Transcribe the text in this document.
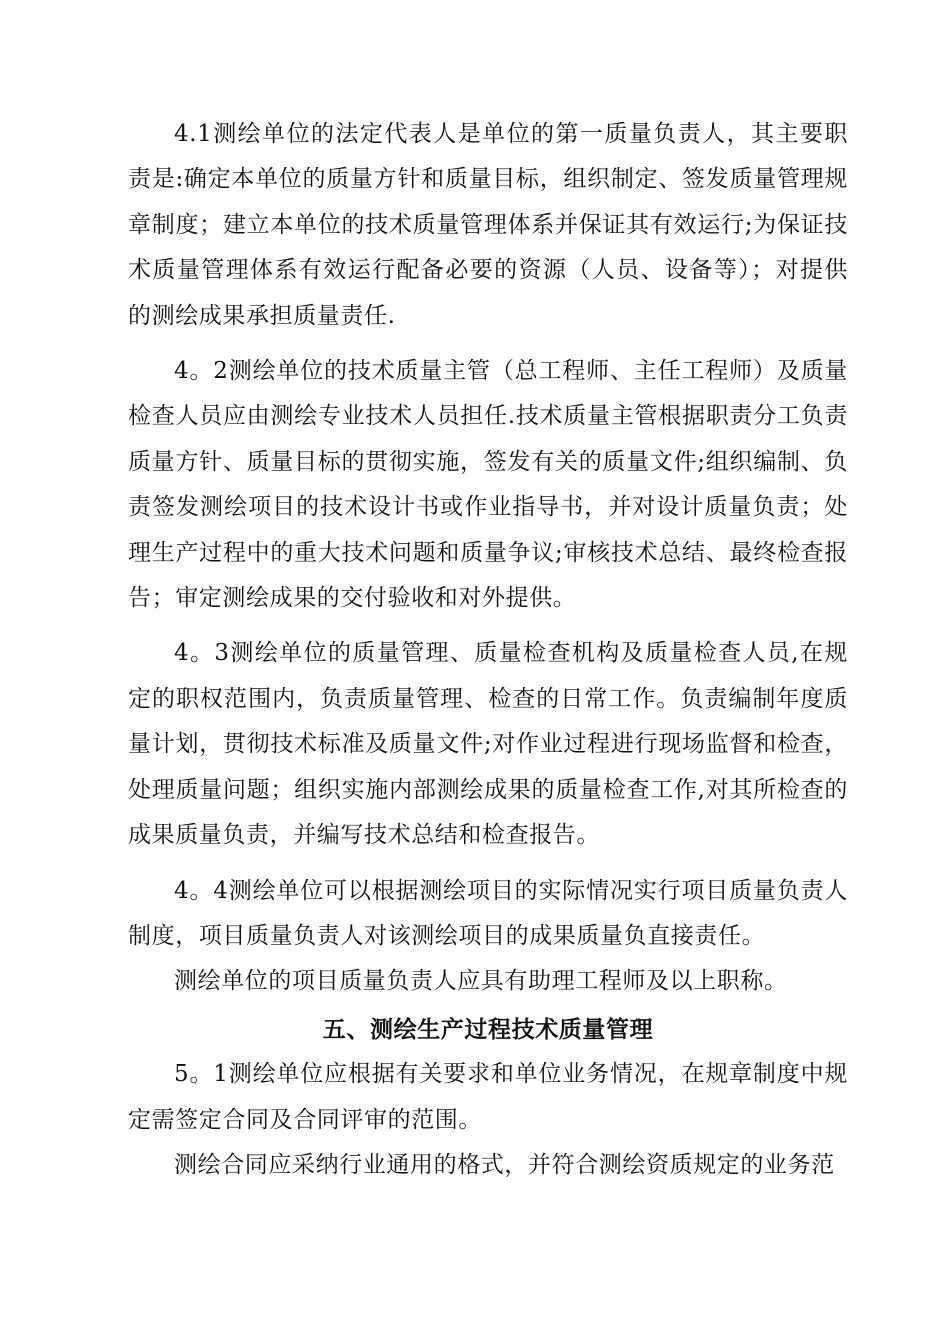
4.1测绘单位的法定代表人是单位的第一质量负责人，其主要职责是:确定本单位的质量方针和质量目标，组织制定、签发质量管理规章制度；建立本单位的技术质量管理体系并保证其有效运行;为保证技术质量管理体系有效运行配备必要的资源（人员、设备等）；对提供的测绘成果承担质量责任.

4。2测绘单位的技术质量主管（总工程师、主任工程师）及质量检查人员应由测绘专业技术人员担任.技术质量主管根据职责分工负责质量方针、质量目标的贯彻实施，签发有关的质量文件;组织编制、负责签发测绘项目的技术设计书或作业指导书，并对设计质量负责；处理生产过程中的重大技术问题和质量争议;审核技术总结、最终检查报告；审定测绘成果的交付验收和对外提供。

4。3测绘单位的质量管理、质量检查机构及质量检查人员,在规定的职权范围内，负责质量管理、检查的日常工作。负责编制年度质量计划，贯彻技术标准及质量文件;对作业过程进行现场监督和检查，处理质量问题；组织实施内部测绘成果的质量检查工作,对其所检查的成果质量负责，并编写技术总结和检查报告。

4。4测绘单位可以根据测绘项目的实际情况实行项目质量负责人制度，项目质量负责人对该测绘项目的成果质量负直接责任。

测绘单位的项目质量负责人应具有助理工程师及以上职称。

五、测绘生产过程技术质量管理

5。1测绘单位应根据有关要求和单位业务情况，在规章制度中规定需签定合同及合同评审的范围。

测绘合同应采纳行业通用的格式，并符合测绘资质规定的业务范
